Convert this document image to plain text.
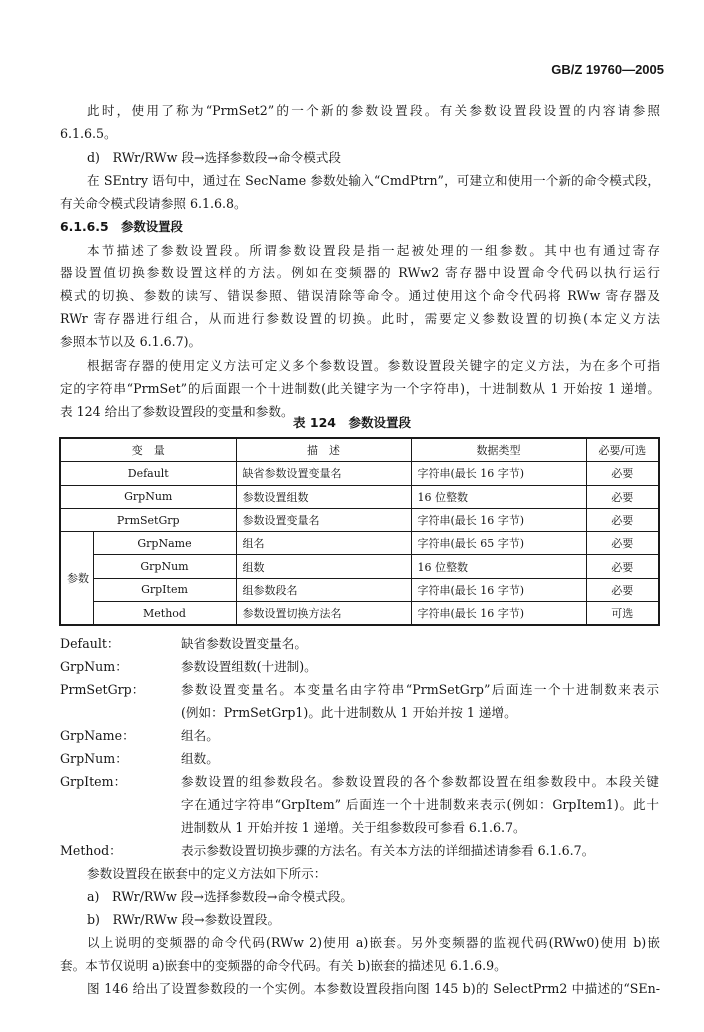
GB/Z 19760—2005
此时，使用了称为“PrmSet2”的一个新的参数设置段。有关参数设置段设置的内容请参照
6.1.6.5。
d)　RWr/RWw 段→选择参数段→命令模式段
在 SEntry 语句中，通过在 SecName 参数处输入“CmdPtrn”，可建立和使用一个新的命令模式段，
有关命令模式段请参照 6.1.6.8。
6.1.6.5　参数设置段
本节描述了参数设置段。所谓参数设置段是指一起被处理的一组参数。其中也有通过寄存
器设置值切换参数设置这样的方法。例如在变频器的 RWw2 寄存器中设置命令代码以执行运行
模式的切换、参数的读写、错误参照、错误清除等命令。通过使用这个命令代码将 RWw 寄存器及
RWr 寄存器进行组合，从而进行参数设置的切换。此时，需要定义参数设置的切换(本定义方法
参照本节以及 6.1.6.7)。
根据寄存器的使用定义方法可定义多个参数设置。参数设置段关键字的定义方法，为在多个可指
定的字符串“PrmSet”的后面跟一个十进制数(此关键字为一个字符串)，十进制数从 1 开始按 1 递增。
表 124 给出了参数设置段的变量和参数。
表 124　参数设置段
变　量		描　述	数据类型	必要/可选
Default		缺省参数设置变量名	字符串(最长 16 字节)	必要
GrpNum		参数设置组数	16 位整数	必要
PrmSetGrp		参数设置变量名	字符串(最长 16 字节)	必要
参数	GrpName	组名	字符串(最长 65 字节)	必要
	GrpNum	组数	16 位整数	必要
	GrpItem	组参数段名	字符串(最长 16 字节)	必要
	Method	参数设置切换方法名	字符串(最长 16 字节)	可选
Default：	缺省参数设置变量名。
GrpNum：	参数设置组数(十进制)。
PrmSetGrp：	参数设置变量名。本变量名由字符串“PrmSetGrp”后面连一个十进制数来表示
(例如：PrmSetGrp1)。此十进制数从 1 开始并按 1 递增。
GrpName：	组名。
GrpNum：	组数。
GrpItem：	参数设置的组参数段名。参数设置段的各个参数都设置在组参数段中。本段关键
字在通过字符串“GrpItem” 后面连一个十进制数来表示(例如：GrpItem1)。此十
进制数从 1 开始并按 1 递增。关于组参数段可参看 6.1.6.7。
Method：	表示参数设置切换步骤的方法名。有关本方法的详细描述请参看 6.1.6.7。
参数设置段在嵌套中的定义方法如下所示：
a)　RWr/RWw 段→选择参数段→命令模式段。
b)　RWr/RWw 段→参数设置段。
以上说明的变频器的命令代码(RWw 2)使用 a)嵌套。另外变频器的监视代码(RWw0)使用 b)嵌
套。本节仅说明 a)嵌套中的变频器的命令代码。有关 b)嵌套的描述见 6.1.6.9。
图 146 给出了设置参数段的一个实例。本参数设置段指向图 145 b)的 SelectPrm2 中描述的“SEn-
